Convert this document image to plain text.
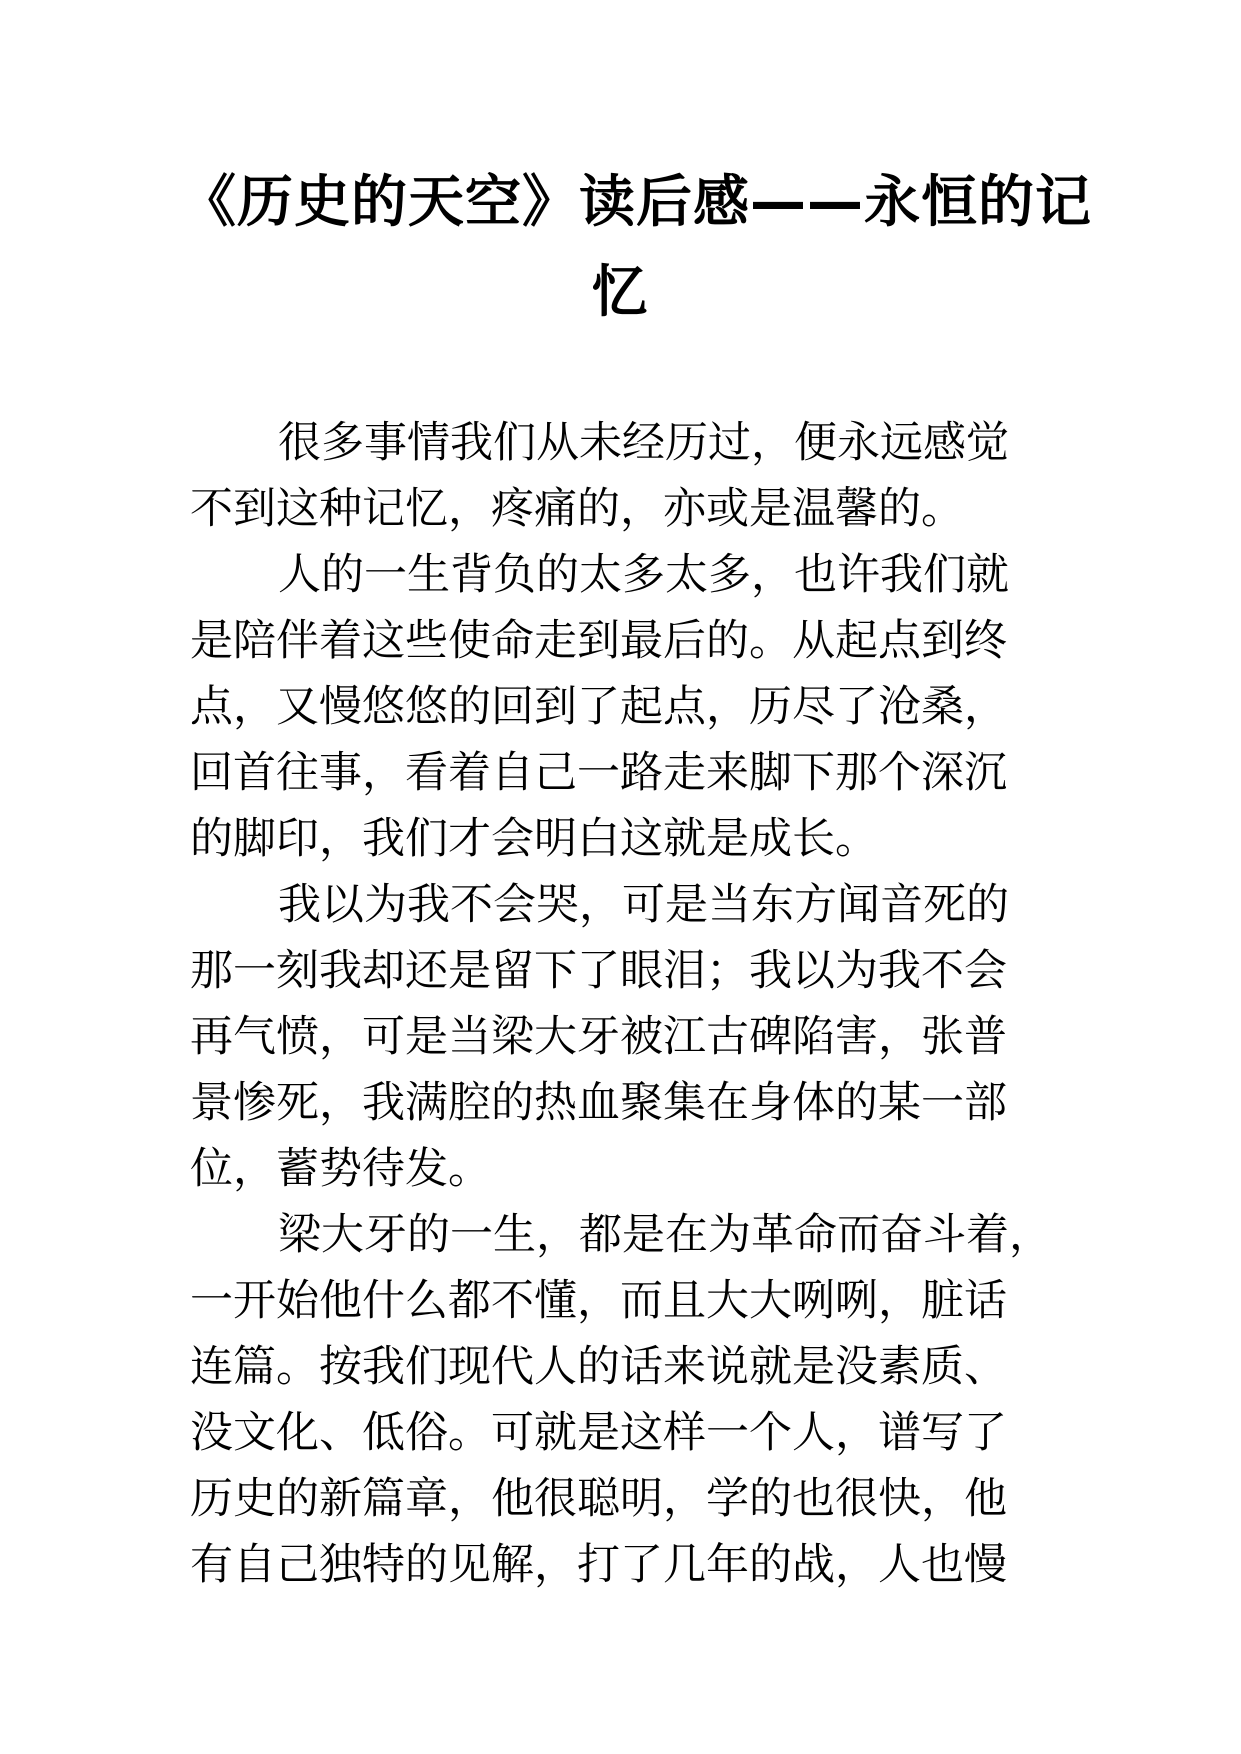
《历史的天空》读后感——永恒的记
忆
很多事情我们从未经历过，便永远感觉
不到这种记忆，疼痛的，亦或是温馨的。
人的一生背负的太多太多，也许我们就
是陪伴着这些使命走到最后的。从起点到终
点，又慢悠悠的回到了起点，历尽了沧桑，
回首往事，看着自己一路走来脚下那个深沉
的脚印，我们才会明白这就是成长。
我以为我不会哭，可是当东方闻音死的
那一刻我却还是留下了眼泪；我以为我不会
再气愤，可是当梁大牙被江古碑陷害，张普
景惨死，我满腔的热血聚集在身体的某一部
位，蓄势待发。
梁大牙的一生，都是在为革命而奋斗着，
一开始他什么都不懂，而且大大咧咧，脏话
连篇。按我们现代人的话来说就是没素质、
没文化、低俗。可就是这样一个人，谱写了
历史的新篇章，他很聪明，学的也很快，他
有自己独特的见解，打了几年的战，人也慢
